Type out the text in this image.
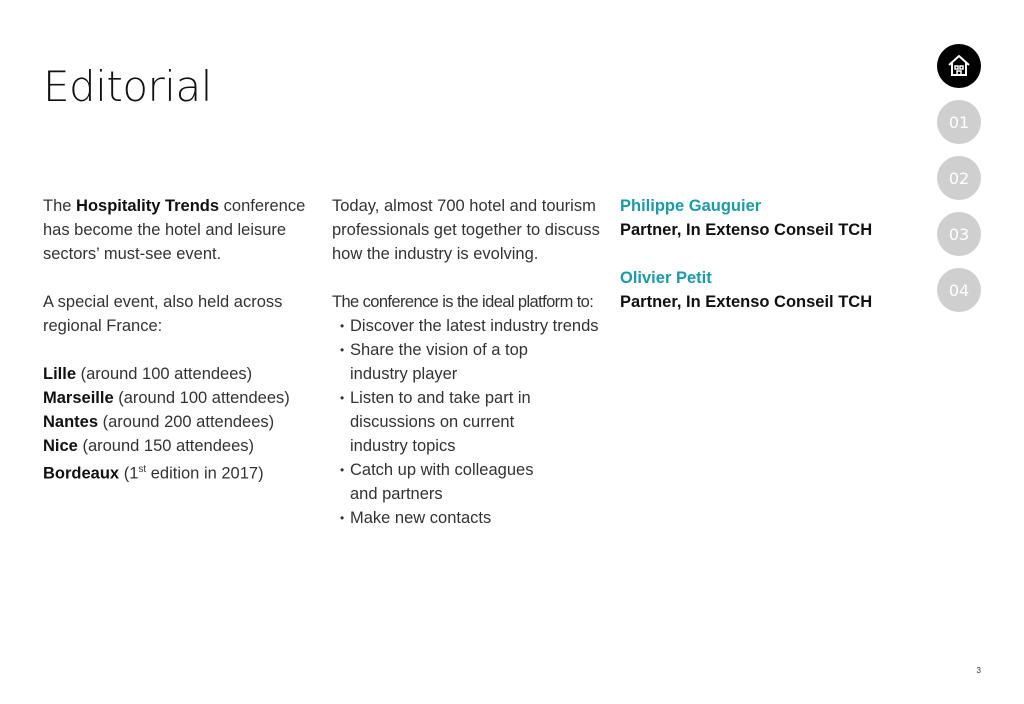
Editorial
The Hospitality Trends conference has become the hotel and leisure sectors’ must-see event.
A special event, also held across regional France:
Lille (around 100 attendees)
Marseille (around 100 attendees)
Nantes (around 200 attendees)
Nice (around 150 attendees)
Bordeaux (1st edition in 2017)
Today, almost 700 hotel and tourism professionals get together to discuss how the industry is evolving.
The conference is the ideal platform to:
• Discover the latest industry trends
• Share the vision of a top industry player
• Listen to and take part in discussions on current industry topics
• Catch up with colleagues and partners
• Make new contacts
Philippe Gauguier
Partner, In Extenso Conseil TCH
Olivier Petit
Partner, In Extenso Conseil TCH
01
02
03
04
3
